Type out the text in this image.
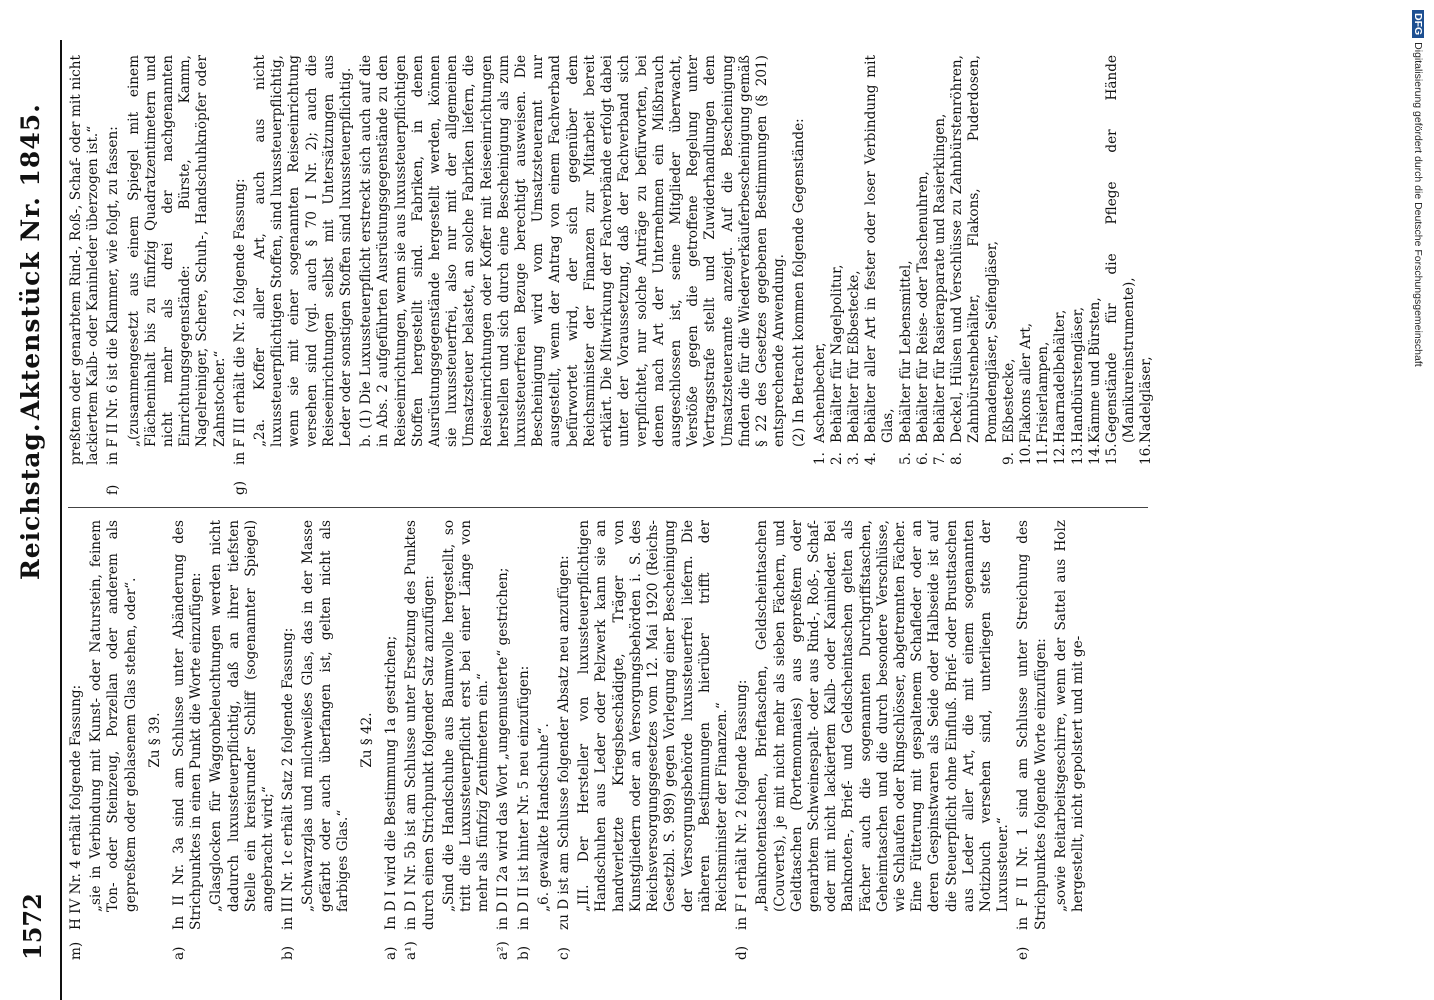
1572
Reichstag.
Aktenstück Nr. 1845.

m)H IV Nr. 4 erhält folgende Fassung: „sie in Verbindung mit Kunst- oder Naturstein, feinem Ton- oder Steinzeug, Porzellan oder anderem als gepreßtem oder geblasenem Glas stehen, oder“. Zu § 39.

a)In II Nr. 3a sind am Schlusse unter Abänderung des Strichpunktes in einen Punkt die Worte einzufügen: „Glasglocken für Waggonbeleuchtungen werden nicht dadurch luxussteuerpflichtig, daß an ihrer tiefsten Stelle ein kreisrunder Schliff (sogenannter Spiegel) angebracht wird;“

b)in III Nr. 1c erhält Satz 2 folgende Fassung: „Schwarzglas und milchweißes Glas, das in der Masse gefärbt oder auch überfangen ist, gelten nicht als farbiges Glas.“

Zu § 42.

a)In D I wird die Bestimmung 1a gestrichen;

a¹)in D I Nr. 5b ist am Schlusse unter Ersetzung des Punktes durch einen Strichpunkt folgender Satz anzufügen: „Sind die Handschuhe aus Baumwolle hergestellt, so tritt die Luxussteuerpflicht erst bei einer Länge von mehr als fünfzig Zentimetern ein.“

a²)in D II 2a wird das Wort „ungemusterte“ gestrichen;

b)in D II ist hinter Nr. 5 neu einzufügen: „6. gewalkte Handschuhe“.

c)zu D ist am Schlusse folgender Absatz neu anzufügen: „III. Der Hersteller von luxussteuerpflichtigen Handschuhen aus Leder oder Pelzwerk kann sie an handverletzte Kriegsbeschädigte, Träger von Kunstgliedern oder an Versorgungsbehörden i. S. des Reichsversorgungsgesetzes vom 12. Mai 1920 (Reichs-Gesetzbl. S. 989) gegen Vorlegung einer Bescheinigung der Versorgungsbehörde luxussteuerfrei liefern. Die näheren Bestimmungen hierüber trifft der Reichsminister der Finanzen.“

d)in F I erhält Nr. 2 folgende Fassung: „Banknotentaschen, Brieftaschen, Geldscheintaschen (Couverts), je mit nicht mehr als sieben Fächern, und Geldtaschen (Portemonnaies) aus gepreßtem oder genarbtem Schweinespalt- oder aus Rind-, Roß-, Schaf- oder mit nicht lackiertem Kalb- oder Kaninleder. Bei Banknoten-, Brief- und Geldscheintaschen gelten als Fächer auch die sogenannten Durchgriffstaschen, Geheimtaschen und die durch besondere Verschlüsse, wie Schlaufen oder Ringschlösser, abgetrennten Fächer. Eine Fütterung mit gespaltenem Schafleder oder an deren Gespinstwaren als Seide oder Halbseide ist auf die Steuerpflicht ohne Einfluß. Brief- oder Brusttaschen aus Leder aller Art, die mit einem sogenannten Notizbuch versehen sind, unterliegen stets der Luxussteuer.“

e)in F II Nr. 1 sind am Schlusse unter Streichung des Strichpunktes folgende Worte einzufügen: „sowie Reitarbeitsgeschirre, wenn der Sattel aus Holz hergestellt, nicht gepolstert und mit ge-

preßtem oder genarbtem Rind-, Roß-, Schaf- oder mit nicht lackiertem Kalb- oder Kaninleder überzogen ist.“

f)in F II Nr. 6 ist die Klammer, wie folgt, zu fassen: „(zusammengesetzt aus einem Spiegel mit einem Flächeninhalt bis zu fünfzig Quadratzentimetern und nicht mehr als drei der nachgenannten Einrichtungsgegenstände: Bürste, Kamm, Nagelreiniger, Schere, Schuh-, Handschuhknöpfer oder Zahnstocher.“

g)in F III erhält die Nr. 2 folgende Fassung: „2a. Koffer aller Art, auch aus nicht luxussteuerpflichtigen Stoffen, sind luxussteuerpflichtig, wenn sie mit einer sogenannten Reiseeinrichtung versehen sind (vgl. auch § 70 I Nr. 2); auch die Reiseeinrichtungen selbst mit Untersätzungen aus Leder oder sonstigen Stoffen sind luxussteuerpflichtig. b. (1) Die Luxussteuerpflicht erstreckt sich auch auf die in Abs. 2 aufgeführten Ausrüstungsgegenstände zu den Reiseeinrichtungen, wenn sie aus luxussteuerpflichtigen Stoffen hergestellt sind. Fabriken, in denen Ausrüstungsgegenstände hergestellt werden, können sie luxussteuerfrei, also nur mit der allgemeinen Umsatzsteuer belastet, an solche Fabriken liefern, die Reiseeinrichtungen oder Koffer mit Reiseeinrichtungen herstellen und sich durch eine Bescheinigung als zum luxussteuerfreien Bezuge berechtigt ausweisen. Die Bescheinigung wird vom Umsatzsteueramt nur ausgestellt, wenn der Antrag von einem Fachverband befürwortet wird, der sich gegenüber dem Reichsminister der Finanzen zur Mitarbeit bereit erklärt. Die Mitwirkung der Fachverbände erfolgt dabei unter der Voraussetzung, daß der Fachverband sich verpflichtet, nur solche Anträge zu befürworten, bei denen nach Art der Unternehmen ein Mißbrauch ausgeschlossen ist, seine Mitglieder überwacht, Verstöße gegen die getroffene Regelung unter Vertragsstrafe stellt und Zuwiderhandlungen dem Umsatzsteueramte anzeigt. Auf die Bescheinigung finden die für die Wiederverkäuferbescheinigung gemäß § 22 des Gesetzes gegebenen Bestimmungen (§ 201) entsprechende Anwendung. (2) In Betracht kommen folgende Gegenstände:

1.Aschenbecher,

2.Behälter für Nagelpolitur,

3.Behälter für Eßbestecke,

4.Behälter aller Art in fester oder loser Verbindung mit Glas,

5.Behälter für Lebensmittel,

6.Behälter für Reise- oder Taschenuhren,

7.Behälter für Rasierapparate und Rasierklingen,

8.Deckel, Hülsen und Verschlüsse zu Zahnbürstenröhren, Zahnbürstenbehälter, Flakons, Puderdosen, Pomadengläser, Seifengläser,

9.Eßbestecke,

10.Flakons aller Art,

11.Frisierlampen,

12.Haarnadelbehälter,

13.Handbürstengläser,

14.Kämme und Bürsten,

15.Gegenstände für die Pflege der Hände (Manikureinstrumente),

16.Nadelgläser,

DFGDigitalisierung gefördert durch die Deutsche Forschungsgemeinschaft
